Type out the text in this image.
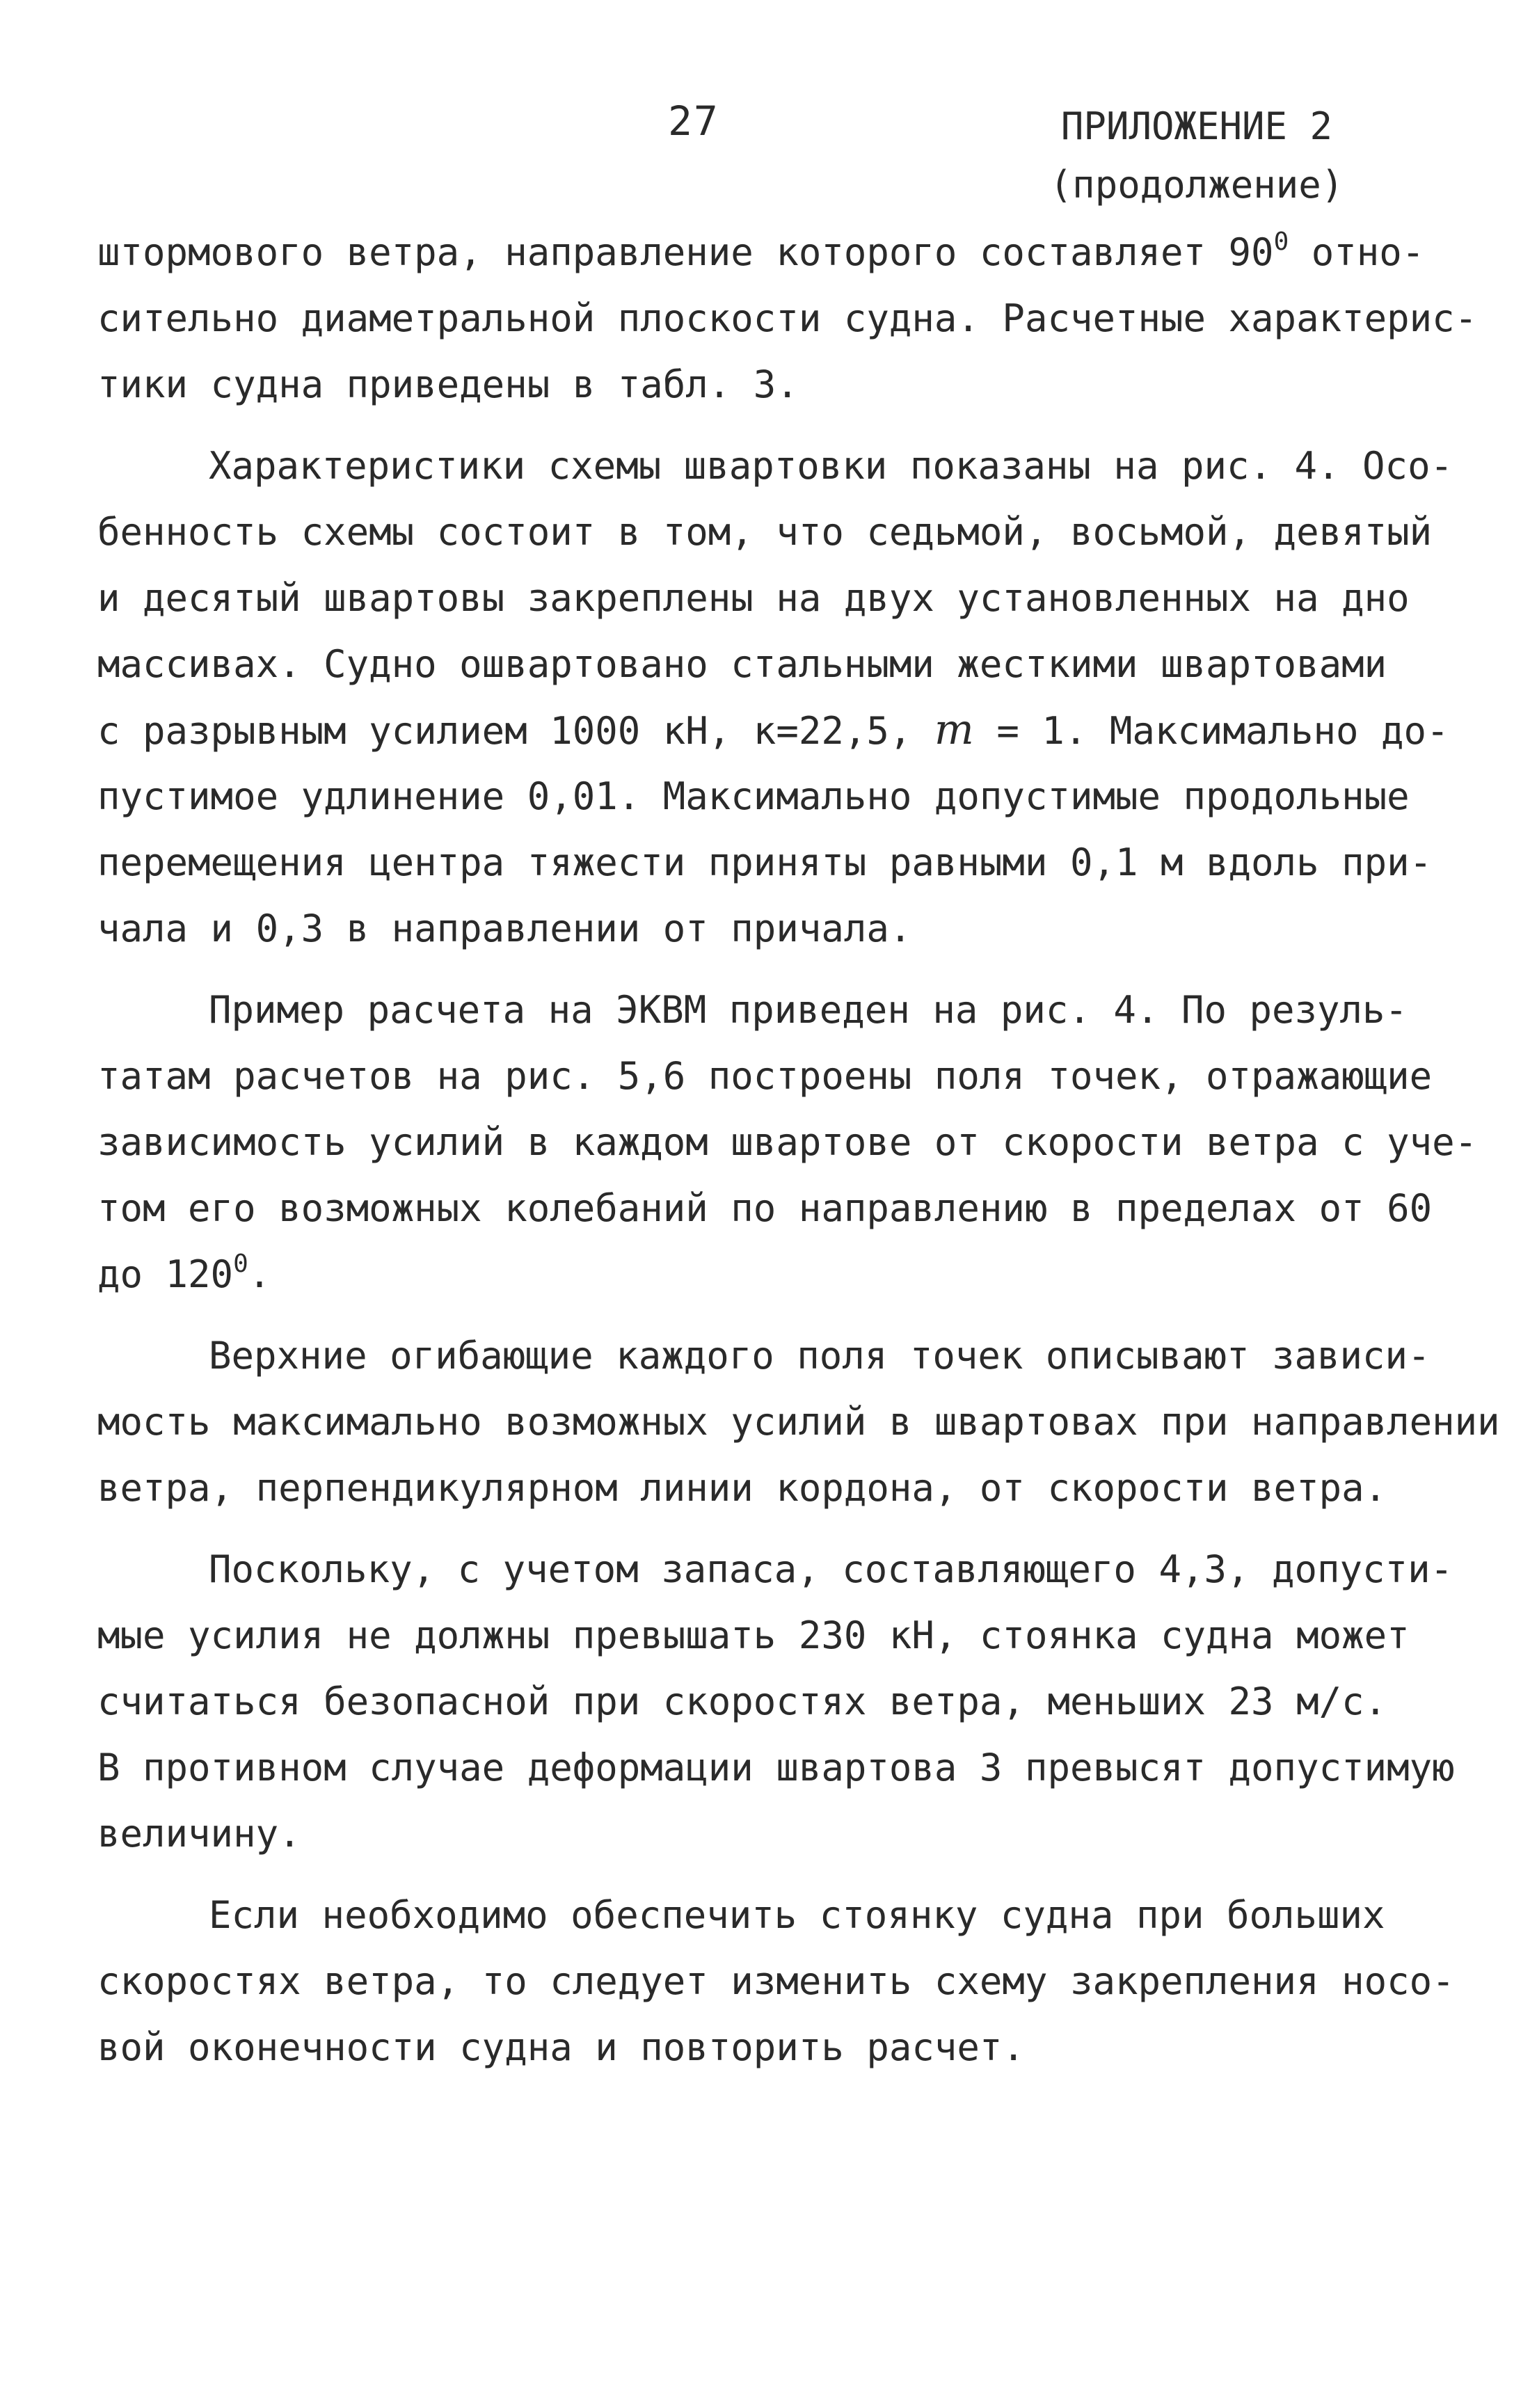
27	ПРИЛОЖЕНИЕ 2
(продолжение)
штормового ветра, направление которого составляет $90^0$ отно-
сительно диаметральной плоскости судна. Расчетные характерис-
тики судна приведены в табл. 3.
Характеристики схемы швартовки показаны на рис. 4. Осо-
бенность схемы состоит в том, что седьмой, восьмой, девятый
и десятый швартовы закреплены на двух установленных на дно
массивах. Судно ошвартовано стальными жесткими швартовами
с разрывным усилием 1000 кН, к=22,5, m = 1. Максимально до-
пустимое удлинение 0,01. Максимально допустимые продольные
перемещения центра тяжести приняты равными 0,1 м вдоль при-
чала и 0,3 в направлении от причала.
Пример расчета на ЭКВМ приведен на рис. 4. По резуль-
татам расчетов на рис. 5,6 построены поля точек, отражающие
зависимость усилий в каждом швартове от скорости ветра с уче-
том его возможных колебаний по направлению в пределах от 60
до $120^0$.
Верхние огибающие каждого поля точек описывают зависи-
мость максимально возможных усилий в швартовах при направлении
ветра, перпендикулярном линии кордона, от скорости ветра.
Поскольку, с учетом запаса, составляющего 4,3, допусти-
мые усилия не должны превышать 230 кН, стоянка судна может
считаться безопасной при скоростях ветра, меньших 23 м/с.
В противном случае деформации швартова 3 превысят допустимую
величину.
Если необходимо обеспечить стоянку судна при больших
скоростях ветра, то следует изменить схему закрепления носо-
вой оконечности судна и повторить расчет.
